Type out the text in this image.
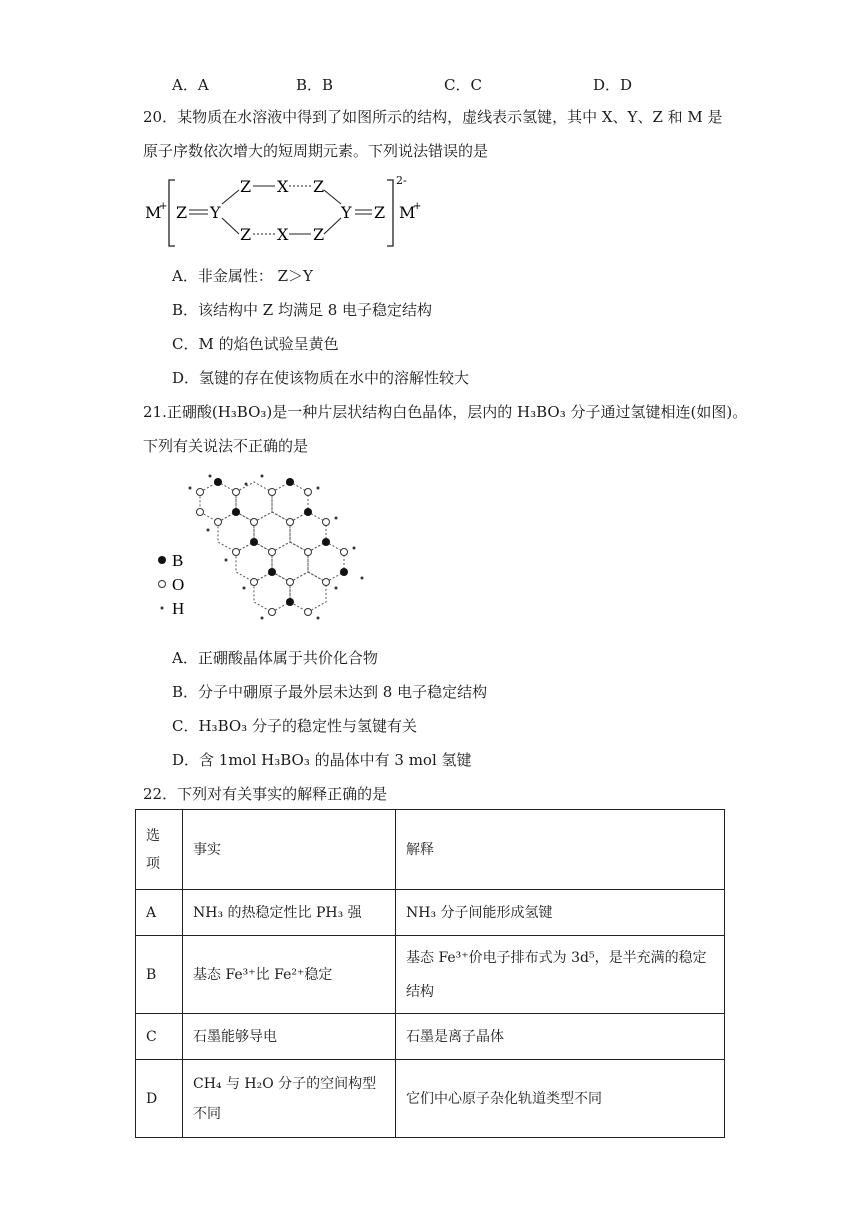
A．A	B．B	C．C	D．D
20．某物质在水溶液中得到了如图所示的结构，虚线表示氢键，其中 X、Y、Z 和 M 是
原子序数依次增大的短周期元素。下列说法错误的是
M
+
2-
M
+
Z Y
Z X Z
Z X Z
Y Z
A．非金属性： Z＞Y
B．该结构中 Z 均满足 8 电子稳定结构
C．M 的焰色试验呈黄色
D．氢键的存在使该物质在水中的溶解性较大
21.正硼酸(H₃BO₃)是一种片层状结构白色晶体，层内的 H₃BO₃ 分子通过氢键相连(如图)。
下列有关说法不正确的是
B
O
H
A．正硼酸晶体属于共价化合物
B．分子中硼原子最外层未达到 8 电子稳定结构
C．H₃BO₃ 分子的稳定性与氢键有关
D．含 1mol H₃BO₃ 的晶体中有 3 mol 氢键
22．下列对有关事实的解释正确的是
选项	事实	解释
A	NH₃ 的热稳定性比 PH₃ 强	NH₃ 分子间能形成氢键
B	基态 Fe³⁺比 Fe²⁺稳定	基态 Fe³⁺价电子排布式为 3d⁵，是半充满的稳定结构
C	石墨能够导电	石墨是离子晶体
D	CH₄ 与 H₂O 分子的空间构型不同	它们中心原子杂化轨道类型不同
